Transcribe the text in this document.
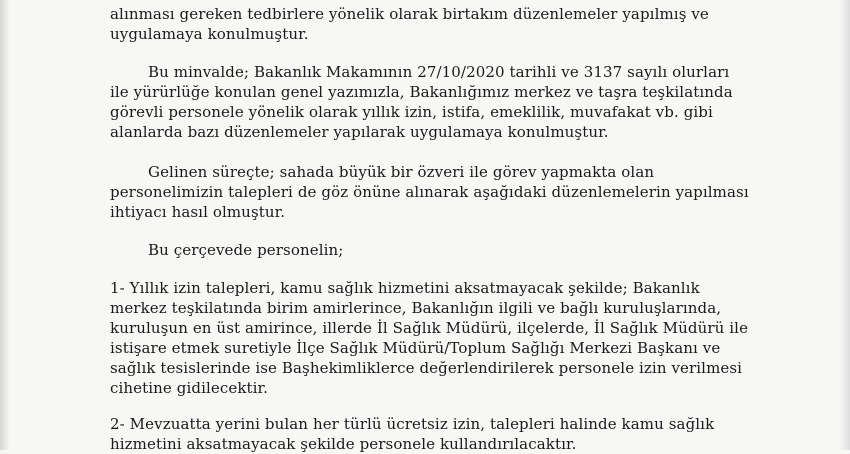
alınması gereken tedbirlere yönelik olarak birtakım düzenlemeler yapılmış ve

uygulamaya konulmuştur.

Bu minvalde; Bakanlık Makamının 27/10/2020 tarihli ve 3137 sayılı olurları

ile yürürlüğe konulan genel yazımızla, Bakanlığımız merkez ve taşra teşkilatında

görevli personele yönelik olarak yıllık izin, istifa, emeklilik, muvafakat vb. gibi

alanlarda bazı düzenlemeler yapılarak uygulamaya konulmuştur.

Gelinen süreçte; sahada büyük bir özveri ile görev yapmakta olan

personelimizin talepleri de göz önüne alınarak aşağıdaki düzenlemelerin yapılması

ihtiyacı hasıl olmuştur.

Bu çerçevede personelin;

1- Yıllık izin talepleri, kamu sağlık hizmetini aksatmayacak şekilde; Bakanlık

merkez teşkilatında birim amirlerince, Bakanlığın ilgili ve bağlı kuruluşlarında,

kuruluşun en üst amirince, illerde İl Sağlık Müdürü, ilçelerde, İl Sağlık Müdürü ile

istişare etmek suretiyle İlçe Sağlık Müdürü/Toplum Sağlığı Merkezi Başkanı ve

sağlık tesislerinde ise Başhekimliklerce değerlendirilerek personele izin verilmesi

cihetine gidilecektir.

2- Mevzuatta yerini bulan her türlü ücretsiz izin, talepleri halinde kamu sağlık

hizmetini aksatmayacak şekilde personele kullandırılacaktır.
